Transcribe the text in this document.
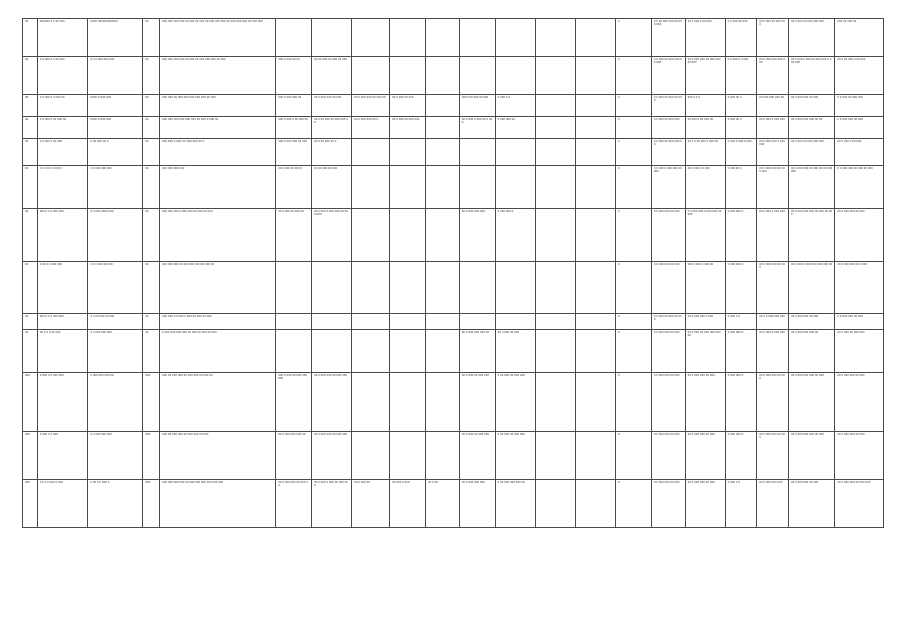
00	A00000 0 0 00 000	0000 000000000000	00	000 000 000 000 00 000 00 000 00 000 000 000 00 000 000 000 00 000 000										0	0 0 00 000 000 00 000 000	00 0 000 0 00 000	0 0 000 00 000	00 0 000 00 000 000	00 0 000 00 000 000 000	000 00 000 00

00	0 0 000 0 0 00 000	0 0 0 000 000 000	00	000 000 000 000 00 000 00 000 000 000 00 000	000 0 000 00 00	00 00 000 00 000 00 000								0	0 0 000 00 000 000 00 000	00 0 000 000 00 000 000 00 000	0 0 000 0 0 000	00 0 000 000 000 0 00	00 0 000 0 000 00 000 000 0 000 000	00 0 00 000 0 00 000

00	0 0 000 0 0 000 00	0000 0 000 000	00	000 000 00 000 000 000 000 000 00 000	000 0 000 000 00	00 0 000 000 00 000	00 0 000 000 00 000 00	00 0 000 00 000		000 000 000 00 000	0 000 0 0			0	0 0 000 00 000 00 000	000 0 0 0	0 000 00 0	00 000 000 000 00	00 0 000 000 00 000	0 0 000 00 000 000

00	0 0 000 0 00 000 00	0000 0 000 000	00	000 000 000 000 000 000 00 000 0 000 00	000 0 000 0 00 000 00	00 0 00 000 00 000 000 00	00 0 000 000 00 0	00 0 000 00 000 000		00 0 000 0 000 00 0 000	0 000 000 00			0	0 0 000 00 000 000	00 000 0 00 000 00	0 000 00 0	00 0 000 0 000 000	00 0 000 000 000 00 00	0 0 000 000 00 000

00	0 0 000 0 00 000	0 00 000 00 0	00	000 000 0 000 0 0 000 000 00 0	000 0 000 000 00 000	00 0 00 000 00 0								0	0 0 000 00 000 000 00	00 0 0 00 000 0 000 00	0 000 0 000 0 000	00 0 000 000 0 000 000	00 0 000 00 000 000 000	00 0 000 0 00 000

00	0 0 0 0 0 0 000 0	0 0 000 000 000	00	000 000 000 000	00 0 000 00 000 0	00 00 000 00 000								0	0 0 000 0 000 000 00 000	00 0 000 0 0 000	0 000 00 0	00 0 000 000 00 000 000	00 0 000 000 00 000 00 00 000 000	0 0 000 000 00 000 00 000

00	000 0 0 0 000 000	0 0 000 0000 000	00	000 000 000 0 000 000 00 000 00 000	00 0 000 00 000 00	00 0 000 0 000 000 00 000 000				00 0 000 000 000	0 000 000 0			0	0 0 000 000 00 000	0 0 000 000 0 000 000 00 000	0 000 000 0	00 0 000 0 000 000	00 0 000 000 000 00 000 00 000	00 0 000 000 00 000

00	0 00 0 0 000 000	0 0 0 000 000 00	00	000 000 000 00 000 000 00 000 000 00										0	0 0 000 000 00 000	000 0 000 0 000 00	0 000 000 0	00 0 000 000 00 000	00 0 000 0 000 000 000 000 00	00 0 000 000 00 0 000

00	000 0 0 0 000 000	0 0 00 000 00 000	00	000 000 0 0 000 0 000 00 000 00 000										0	0 0 000 00 000 00 000	00 0 000 000 0 000	0 000 0 0	00 0 0 000 000 000	00 0 000 000 00 000	0 0 000 000 00 000

00	00 0 0 0 00 000	0 0 000 000 000	00	0 000 000 000 000 00 000 00 000 00 000						00 0 000 000 000 00	00 0 000 00 000			0	0 0 000 000 00 000	00 0 000 00 000 000 000 00	0 000 000 0	00 0 000 0 000 000	00 0 000 000 000 00	00 0 000 00 000 000

000	0 000 0 0 000 000	0 000 000 000 00	000	000 00 000 000 00 000 000 00 000 00	000 0 000 00 000 000 000	00 0 000 000 00 000 000				00 0 000 00 000 000	0 00 000 00 000 000			0	0 0 000 000 00 000	00 0 000 000 00 000	0 000 000 0	00 0 000 000 00 000	00 0 000 000 000 00 000	00 0 000 000 00 000

000	0 000 0 0 000	0 0 000 000 000	000	000 00 000 000 00 000 000 00 000	00 0 000 000 000 00	00 0 000 000 00 000 000				00 0 000 00 000 000	0 00 000 00 000 000			0	0 0 000 000 00 000	00 0 000 000 00 000	0 000 000 0	00 0 000 000 00 000	00 0 000 000 000 00 000	00 0 000 000 00 000

000	0 0 0 0 000 0 000	0 00 0 0 000 0	000	000 000 000 000 00 000 000 000 000 000 000	00 0 000 000 00 000 00	00 0 000 0 000 00 000 000	00 0 000 00	00 000 0 000	00 0 00	00 0 000 000 000	0 00 000 000 000 00			0	0 0 000 000 00 000	00 0 000 000 00 000	0 000 0 0	00 0 000 000 000	00 0 000 000 00 000	00 0 000 000 00 000 000
